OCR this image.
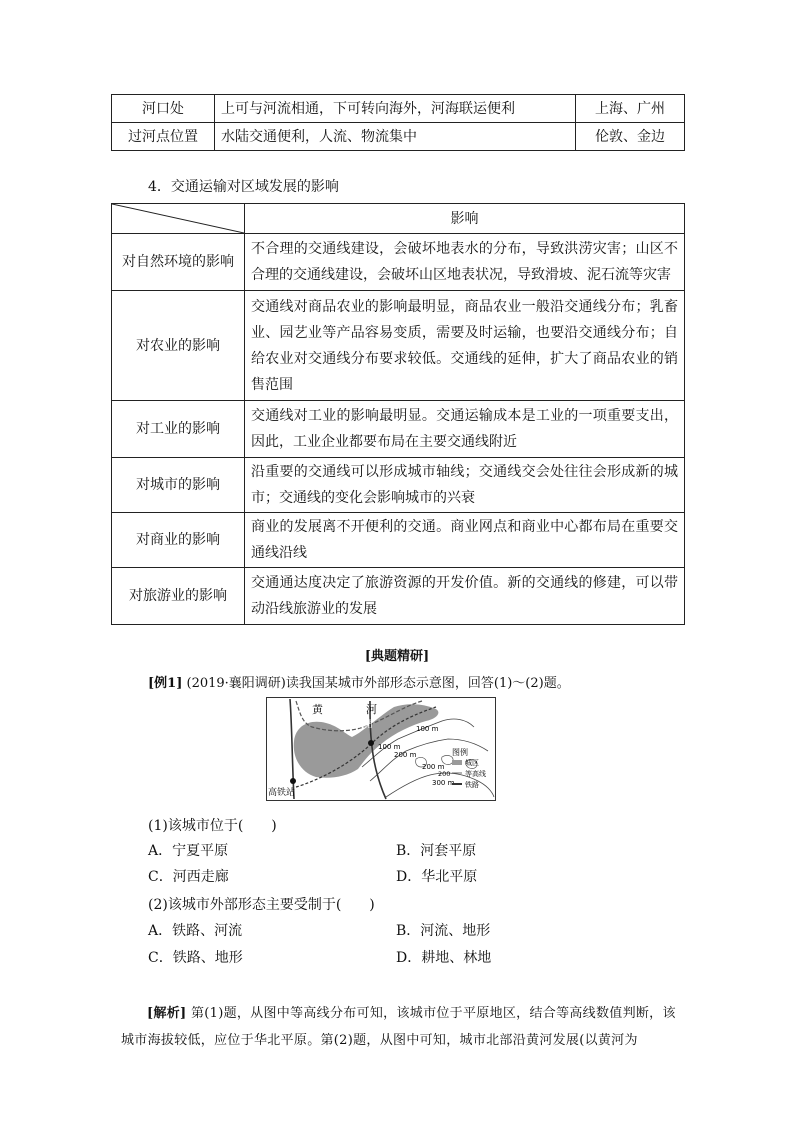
河口处	上可与河流相通，下可转向海外，河海联运便利	上海、广州
过河点位置	水陆交通便利，人流、物流集中	伦敦、金边
4．交通运输对区域发展的影响
	影响
对自然环境的影响	不合理的交通线建设，会破坏地表水的分布，导致洪涝灾害；山区不合理的交通线建设，会破坏山区地表状况，导致滑坡、泥石流等灾害
对农业的影响	交通线对商品农业的影响最明显，商品农业一般沿交通线分布；乳畜业、园艺业等产品容易变质，需要及时运输，也要沿交通线分布；自给农业对交通线分布要求较低。交通线的延伸，扩大了商品农业的销售范围
对工业的影响	交通线对工业的影响最明显。交通运输成本是工业的一项重要支出，因此，工业企业都要布局在主要交通线附近
对城市的影响	沿重要的交通线可以形成城市轴线；交通线交会处往往会形成新的城市；交通线的变化会影响城市的兴衰
对商业的影响	商业的发展离不开便利的交通。商业网点和商业中心都布局在重要交通线沿线
对旅游业的影响	交通通达度决定了旅游资源的开发价值。新的交通线的修建，可以带动沿线旅游业的发展
[典题精研]
[例1] (2019·襄阳调研)读我国某城市外部形态示意图，回答(1)～(2)题。
黄	河
火车站
高铁站
100 m
100 m
200 m
200 m
300 m
图例
城区
200 等高线
铁路
(1)该城市位于(　　)
A．宁夏平原	B．河套平原
C．河西走廊	D．华北平原
(2)该城市外部形态主要受制于(　　)
A．铁路、河流	B．河流、地形
C．铁路、地形	D．耕地、林地
[解析] 第(1)题，从图中等高线分布可知，该城市位于平原地区，结合等高线数值判断，该城市海拔较低，应位于华北平原。第(2)题，从图中可知，城市北部沿黄河发展(以黄河为
